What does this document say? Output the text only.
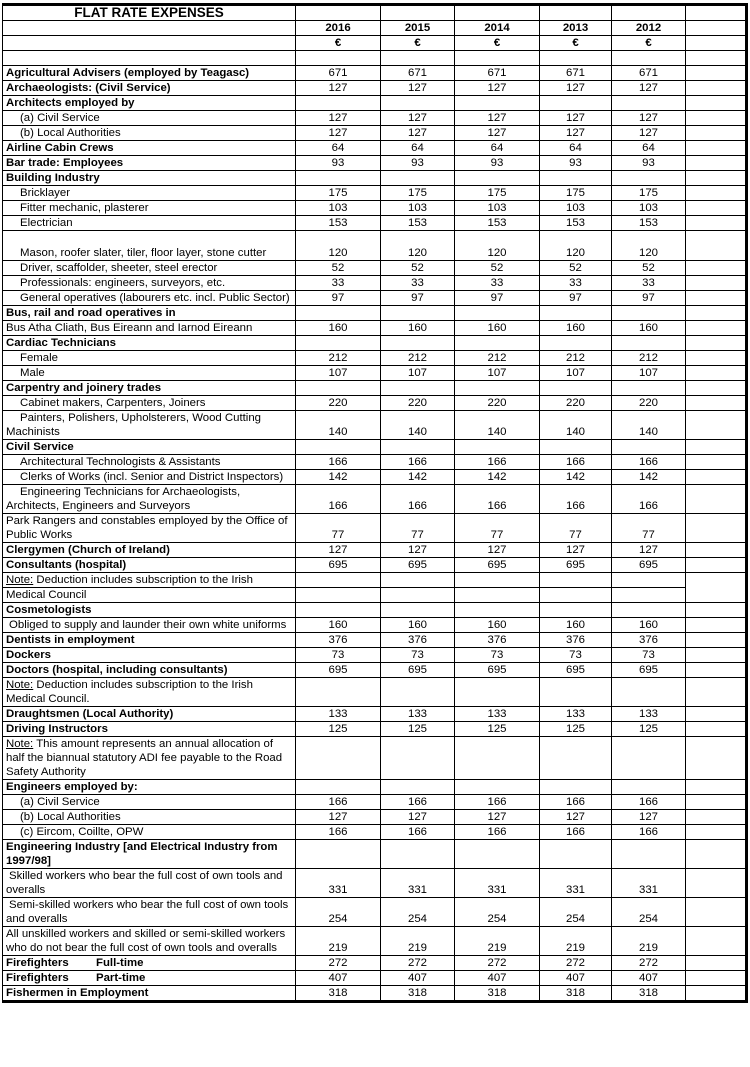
FLAT RATE EXPENSES						
	2016	2015	2014	2013	2012	
	€	€	€	€	€	

Agricultural Advisers (employed by Teagasc)	671	671	671	671	671	
Archaeologists: (Civil Service)	127	127	127	127	127	
Architects employed by						
(a) Civil Service	127	127	127	127	127	
(b) Local Authorities	127	127	127	127	127	
Airline Cabin Crews	64	64	64	64	64	
Bar trade: Employees	93	93	93	93	93	
Building Industry						
Bricklayer	175	175	175	175	175	
Fitter mechanic, plasterer	103	103	103	103	103	
Electrician	153	153	153	153	153	
Mason, roofer slater, tiler, floor layer, stone cutter	120	120	120	120	120	
Driver, scaffolder, sheeter, steel erector	52	52	52	52	52	
Professionals: engineers, surveyors, etc.	33	33	33	33	33	
General operatives (labourers etc. incl. Public Sector)	97	97	97	97	97	
Bus, rail and road operatives in						
Bus Atha Cliath, Bus Eireann and Iarnod Eireann	160	160	160	160	160	
Cardiac Technicians						
Female	212	212	212	212	212	
Male	107	107	107	107	107	
Carpentry and joinery trades						
Cabinet makers, Carpenters, Joiners	220	220	220	220	220	
Painters, Polishers, Upholsterers, Wood Cutting Machinists	140	140	140	140	140	
Civil Service						
Architectural Technologists & Assistants	166	166	166	166	166	
Clerks of Works (incl. Senior and District Inspectors)	142	142	142	142	142	
Engineering Technicians for Archaeologists, Architects, Engineers and Surveyors	166	166	166	166	166	
Park Rangers and constables employed by the Office of Public Works	77	77	77	77	77	
Clergymen (Church of Ireland)	127	127	127	127	127	
Consultants (hospital)	695	695	695	695	695	
Note: Deduction includes subscription to the Irish						
Medical Council						
Cosmetologists						
Obliged to supply and launder their own white uniforms	160	160	160	160	160	
Dentists in employment	376	376	376	376	376	
Dockers	73	73	73	73	73	
Doctors (hospital, including consultants)	695	695	695	695	695	
Note: Deduction includes subscription to the Irish Medical Council.						
Draughtsmen (Local Authority)	133	133	133	133	133	
Driving Instructors	125	125	125	125	125	
Note: This amount represents an annual allocation of half the biannual statutory ADI fee payable to the Road Safety Authority						
Engineers employed by:						
(a) Civil Service	166	166	166	166	166	
(b) Local Authorities	127	127	127	127	127	
(c) Eircom, Coillte, OPW	166	166	166	166	166	
Engineering Industry [and Electrical Industry from 1997/98]						
Skilled workers who bear the full cost of own tools and overalls	331	331	331	331	331	
Semi-skilled workers who bear the full cost of own tools and overalls	254	254	254	254	254	
All unskilled workers and skilled or semi-skilled workers who do not bear the full cost of own tools and overalls	219	219	219	219	219	
Firefighters Full-time	272	272	272	272	272	
Firefighters Part-time	407	407	407	407	407	
Fishermen in Employment	318	318	318	318	318	
